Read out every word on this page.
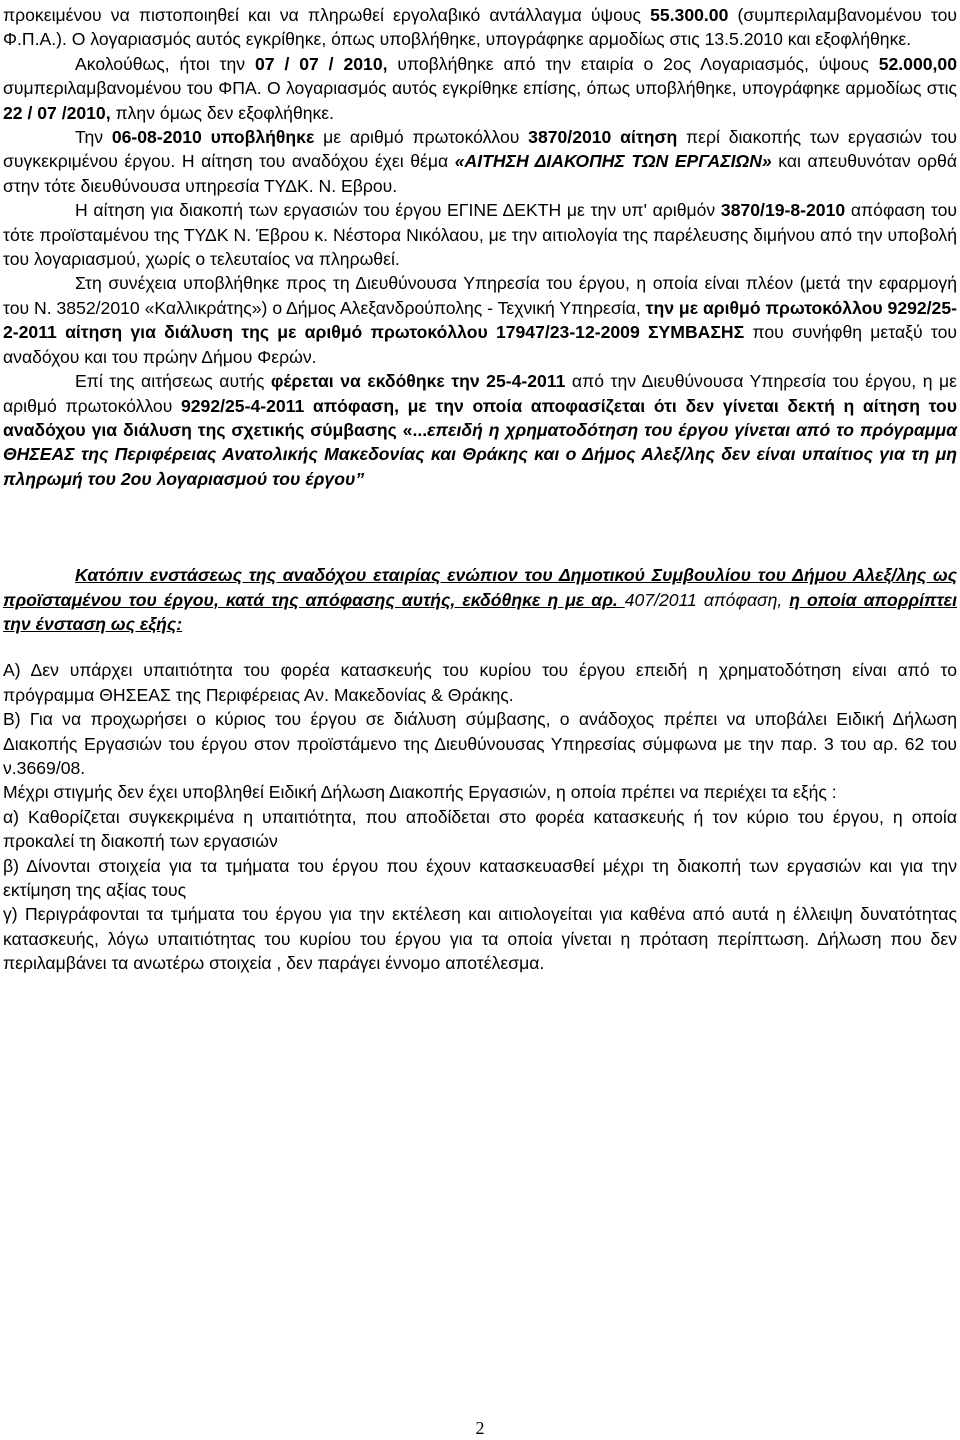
προκειμένου να πιστοποιηθεί και να πληρωθεί εργολαβικό αντάλλαγμα ύψους 55.300.00 (συμπεριλαμβανομένου του Φ.Π.Α.). Ο λογαριασμός αυτός εγκρίθηκε, όπως υποβλήθηκε, υπογράφηκε αρμοδίως στις 13.5.2010 και εξοφλήθηκε.

Ακολούθως, ήτοι την 07 / 07 / 2010, υποβλήθηκε από την εταιρία ο 2ος Λογαριασμός, ύψους 52.000,00 συμπεριλαμβανομένου του ΦΠΑ. Ο λογαριασμός αυτός εγκρίθηκε επίσης, όπως υποβλήθηκε, υπογράφηκε αρμοδίως στις 22 / 07 /2010, πλην όμως δεν εξοφλήθηκε.

Την 06-08-2010 υποβλήθηκε με αριθμό πρωτοκόλλου 3870/2010 αίτηση περί διακοπής των εργασιών του συγκεκριμένου έργου. Η αίτηση του αναδόχου έχει θέμα «ΑΙΤΗΣΗ ΔΙΑΚΟΠΗΣ ΤΩΝ ΕΡΓΑΣΙΩΝ» και απευθυνόταν ορθά στην τότε διευθύνουσα υπηρεσία ΤΥΔΚ. Ν. Εβρου.

Η αίτηση για διακοπή των εργασιών του έργου ΕΓΙΝΕ ΔΕΚΤΗ με την υπ' αριθμόν 3870/19-8-2010 απόφαση του τότε προϊσταμένου της ΤΥΔΚ Ν. Έβρου κ. Νέστορα Νικόλαου, με την αιτιολογία της παρέλευσης διμήνου από την υποβολή του λογαριασμού, χωρίς ο τελευταίος να πληρωθεί.

Στη συνέχεια υποβλήθηκε προς τη Διευθύνουσα Υπηρεσία του έργου, η οποία είναι πλέον (μετά την εφαρμογή του Ν. 3852/2010 «Καλλικράτης») ο Δήμος Αλεξανδρούπολης - Τεχνική Υπηρεσία, την με αριθμό πρωτοκόλλου 9292/25-2-2011 αίτηση για διάλυση της με αριθμό πρωτοκόλλου 17947/23-12-2009 ΣΥΜΒΑΣΗΣ που συνήφθη μεταξύ του αναδόχου και του πρώην Δήμου Φερών.

Επί της αιτήσεως αυτής φέρεται να εκδόθηκε την 25-4-2011 από την Διευθύνουσα Υπηρεσία του έργου, η με αριθμό πρωτοκόλλου 9292/25-4-2011 απόφαση, με την οποία αποφασίζεται ότι δεν γίνεται δεκτή η αίτηση του αναδόχου για διάλυση της σχετικής σύμβασης «...επειδή η χρηματοδότηση του έργου γίνεται από το πρόγραμμα ΘΗΣΕΑΣ της Περιφέρειας Ανατολικής Μακεδονίας και Θράκης και ο Δήμος Αλεξ/λης δεν είναι υπαίτιος για τη μη πληρωμή του 2ου λογαριασμού του έργου”

Κατόπιν ενστάσεως της αναδόχου εταιρίας ενώπιον του Δημοτικού Συμβουλίου του Δήμου Αλεξ/λης ως προϊσταμένου του έργου, κατά της απόφασης αυτής, εκδόθηκε η με αρ. 407/2011 απόφαση, η οποία απορρίπτει την ένσταση ως εξής:

Α) Δεν υπάρχει υπαιτιότητα του φορέα κατασκευής του κυρίου του έργου επειδή η χρηματοδότηση είναι από το πρόγραμμα ΘΗΣΕΑΣ της Περιφέρειας Αν. Μακεδονίας & Θράκης.

Β) Για να προχωρήσει ο κύριος του έργου σε διάλυση σύμβασης, ο ανάδοχος πρέπει να υποβάλει Ειδική Δήλωση Διακοπής Εργασιών του έργου στον προϊστάμενο της Διευθύνουσας Υπηρεσίας σύμφωνα με την παρ. 3 του αρ. 62 του ν.3669/08.

Μέχρι στιγμής δεν έχει υποβληθεί Ειδική Δήλωση Διακοπής Εργασιών, η οποία πρέπει να περιέχει τα εξής :

α) Καθορίζεται συγκεκριμένα η υπαιτιότητα, που αποδίδεται στο φορέα κατασκευής ή τον κύριο του έργου, η οποία προκαλεί τη διακοπή των εργασιών

β) Δίνονται στοιχεία για τα τμήματα του έργου που έχουν κατασκευασθεί μέχρι τη διακοπή των εργασιών και για την εκτίμηση της αξίας τους

γ) Περιγράφονται τα τμήματα του έργου για την εκτέλεση και αιτιολογείται για καθένα από αυτά η έλλειψη δυνατότητας κατασκευής, λόγω υπαιτιότητας του κυρίου του έργου για τα οποία γίνεται η πρόταση περίπτωση. Δήλωση που δεν περιλαμβάνει τα ανωτέρω στοιχεία , δεν παράγει έννομο αποτέλεσμα.

2
